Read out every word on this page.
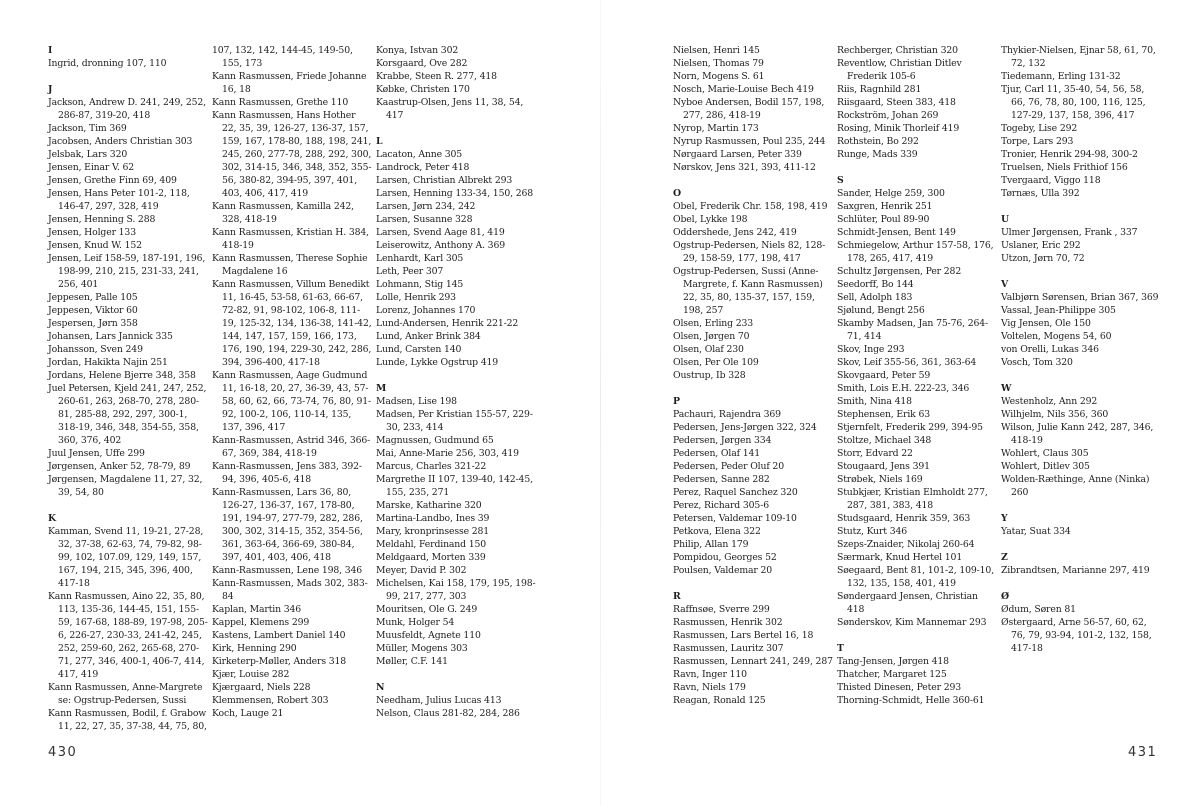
I
Ingrid, dronning 107, 110
J
Jackson, Andrew D. 241, 249, 252, 286-87, 319-20, 418
Jackson, Tim 369
Jacobsen, Anders Christian 303
Jelsbak, Lars 320
Jensen, Einar V. 62
Jensen, Grethe Finn 69, 409
Jensen, Hans Peter 101-2, 118, 146-47, 297, 328, 419
Jensen, Henning S. 288
Jensen, Holger 133
Jensen, Knud W. 152
Jensen, Leif 158-59, 187-191, 196, 198-99, 210, 215, 231-33, 241, 256, 401
Jeppesen, Palle 105
Jeppesen, Viktor 60
Jespersen, Jørn 358
Johansen, Lars Jannick 335
Johansson, Sven 249
Jordan, Hakikta Najin 251
Jordans, Helene Bjerre 348, 358
Juel Petersen, Kjeld 241, 247, 252, 260-61, 263, 268-70, 278, 280-81, 285-88, 292, 297, 300-1, 318-19, 346, 348, 354-55, 358, 360, 376, 402
Juul Jensen, Uffe 299
Jørgensen, Anker 52, 78-79, 89
Jørgensen, Magdalene 11, 27, 32, 39, 54, 80
K
Kamman, Svend 11, 19-21, 27-28, 32, 37-38, 62-63, 74, 79-82, 98-99, 102, 107.09, 129, 149, 157, 167, 194, 215, 345, 396, 400, 417-18
Kann Rasmussen, Aino 22, 35, 80, 113, 135-36, 144-45, 151, 155-59, 167-68, 188-89, 197-98, 205-6, 226-27, 230-33, 241-42, 245, 252, 259-60, 262, 265-68, 270-71, 277, 346, 400-1, 406-7, 414, 417, 419
Kann Rasmussen, Anne-Margrete se: Ogstrup-Pedersen, Sussi
Kann Rasmussen, Bodil, f. Grabow 11, 22, 27, 35, 37-38, 44, 75, 80,
107, 132, 142, 144-45, 149-50, 155, 173
Kann Rasmussen, Friede Johanne 16, 18
Kann Rasmussen, Grethe 110
Kann Rasmussen, Hans Hother 22, 35, 39, 126-27, 136-37, 157, 159, 167, 178-80, 188, 198, 241, 245, 260, 277-78, 288, 292, 300, 302, 314-15, 346, 348, 352, 355-56, 380-82, 394-95, 397, 401, 403, 406, 417, 419
Kann Rasmussen, Kamilla 242, 328, 418-19
Kann Rasmussen, Kristian H. 384, 418-19
Kann Rasmussen, Therese Sophie Magdalene 16
Kann Rasmussen, Villum Benedikt 11, 16-45, 53-58, 61-63, 66-67, 72-82, 91, 98-102, 106-8, 111-19, 125-32, 134, 136-38, 141-42, 144, 147, 157, 159, 166, 173, 176, 190, 194, 229-30, 242, 286, 394, 396-400, 417-18
Kann Rasmussen, Aage Gudmund 11, 16-18, 20, 27, 36-39, 43, 57-58, 60, 62, 66, 73-74, 76, 80, 91-92, 100-2, 106, 110-14, 135, 137, 396, 417
Kann-Rasmussen, Astrid 346, 366-67, 369, 384, 418-19
Kann-Rasmussen, Jens 383, 392-94, 396, 405-6, 418
Kann-Rasmussen, Lars 36, 80, 126-27, 136-37, 167, 178-80, 191, 194-97, 277-79, 282, 286, 300, 302, 314-15, 352, 354-56, 361, 363-64, 366-69, 380-84, 397, 401, 403, 406, 418
Kann-Rasmussen, Lene 198, 346
Kann-Rasmussen, Mads 302, 383-84
Kaplan, Martin 346
Kappel, Klemens 299
Kastens, Lambert Daniel 140
Kirk, Henning 290
Kirketerp-Møller, Anders 318
Kjær, Louise 282
Kjærgaard, Niels 228
Klemmensen, Robert 303
Koch, Lauge 21
Konya, Istvan 302
Korsgaard, Ove 282
Krabbe, Steen R. 277, 418
Købke, Christen 170
Kaastrup-Olsen, Jens 11, 38, 54, 417
L
Lacaton, Anne 305
Landrock, Peter 418
Larsen, Christian Albrekt 293
Larsen, Henning 133-34, 150, 268
Larsen, Jørn 234, 242
Larsen, Susanne 328
Larsen, Svend Aage 81, 419
Leiserowitz, Anthony A. 369
Lenhardt, Karl 305
Leth, Peer 307
Lohmann, Stig 145
Lolle, Henrik 293
Lorenz, Johannes 170
Lund-Andersen, Henrik 221-22
Lund, Anker Brink 384
Lund, Carsten 140
Lunde, Lykke Ogstrup 419
M
Madsen, Lise 198
Madsen, Per Kristian 155-57, 229-30, 233, 414
Magnussen, Gudmund 65
Mai, Anne-Marie 256, 303, 419
Marcus, Charles 321-22
Margrethe II 107, 139-40, 142-45, 155, 235, 271
Marske, Katharine 320
Martina-Landbo, Ines 39
Mary, kronprinsesse 281
Meldahl, Ferdinand 150
Meldgaard, Morten 339
Meyer, David P. 302
Michelsen, Kai 158, 179, 195, 198-99, 217, 277, 303
Mouritsen, Ole G. 249
Munk, Holger 54
Muusfeldt, Agnete 110
Müller, Mogens 303
Møller, C.F. 141
N
Needham, Julius Lucas 413
Nelson, Claus 281-82, 284, 286
Nielsen, Henri 145
Nielsen, Thomas 79
Norn, Mogens S. 61
Nosch, Marie-Louise Bech 419
Nyboe Andersen, Bodil 157, 198, 277, 286, 418-19
Nyrop, Martin 173
Nyrup Rasmussen, Poul 235, 244
Nørgaard Larsen, Peter 339
Nørskov, Jens 321, 393, 411-12
O
Obel, Frederik Chr. 158, 198, 419
Obel, Lykke 198
Oddershede, Jens 242, 419
Ogstrup-Pedersen, Niels 82, 128-29, 158-59, 177, 198, 417
Ogstrup-Pedersen, Sussi (Anne-Margrete, f. Kann Rasmussen) 22, 35, 80, 135-37, 157, 159, 198, 257
Olsen, Erling 233
Olsen, Jørgen 70
Olsen, Olaf 230
Olsen, Per Ole 109
Oustrup, Ib 328
P
Pachauri, Rajendra 369
Pedersen, Jens-Jørgen 322, 324
Pedersen, Jørgen 334
Pedersen, Olaf 141
Pedersen, Peder Oluf 20
Pedersen, Sanne 282
Perez, Raquel Sanchez 320
Perez, Richard 305-6
Petersen, Valdemar 109-10
Petkova, Elena 322
Philip, Allan 179
Pompidou, Georges 52
Poulsen, Valdemar 20
R
Raffnsøe, Sverre 299
Rasmussen, Henrik 302
Rasmussen, Lars Bertel 16, 18
Rasmussen, Lauritz 307
Rasmussen, Lennart 241, 249, 287
Ravn, Inger 110
Ravn, Niels 179
Reagan, Ronald 125
Rechberger, Christian 320
Reventlow, Christian Ditlev Frederik 105-6
Riis, Ragnhild 281
Riisgaard, Steen 383, 418
Rockström, Johan 269
Rosing, Minik Thorleif 419
Rothstein, Bo 292
Runge, Mads 339
S
Sander, Helge 259, 300
Saxgren, Henrik 251
Schlüter, Poul 89-90
Schmidt-Jensen, Bent 149
Schmiegelow, Arthur 157-58, 176, 178, 265, 417, 419
Schultz Jørgensen, Per 282
Seedorff, Bo 144
Sell, Adolph 183
Sjølund, Bengt 256
Skamby Madsen, Jan 75-76, 264-71, 414
Skov, Inge 293
Skov, Leif 355-56, 361, 363-64
Skovgaard, Peter 59
Smith, Lois E.H. 222-23, 346
Smith, Nina 418
Stephensen, Erik 63
Stjernfelt, Frederik 299, 394-95
Stoltze, Michael 348
Storr, Edvard 22
Stougaard, Jens 391
Strøbek, Niels 169
Stubkjær, Kristian Elmholdt 277, 287, 381, 383, 418
Studsgaard, Henrik 359, 363
Stutz, Kurt 346
Szeps-Znaider, Nikolaj 260-64
Særmark, Knud Hertel 101
Søegaard, Bent 81, 101-2, 109-10, 132, 135, 158, 401, 419
Søndergaard Jensen, Christian 418
Sønderskov, Kim Mannemar 293
T
Tang-Jensen, Jørgen 418
Thatcher, Margaret 125
Thisted Dinesen, Peter 293
Thorning-Schmidt, Helle 360-61
Thykier-Nielsen, Ejnar 58, 61, 70, 72, 132
Tiedemann, Erling 131-32
Tjur, Carl 11, 35-40, 54, 56, 58, 66, 76, 78, 80, 100, 116, 125, 127-29, 137, 158, 396, 417
Togeby, Lise 292
Torpe, Lars 293
Tronier, Henrik 294-98, 300-2
Truelsen, Niels Frithiof 156
Tvergaard, Viggo 118
Tørnæs, Ulla 392
U
Ulmer Jørgensen, Frank , 337
Uslaner, Eric 292
Utzon, Jørn 70, 72
V
Valbjørn Sørensen, Brian 367, 369
Vassal, Jean-Philippe 305
Vig Jensen, Ole 150
Voltelen, Mogens 54, 60
von Orelli, Lukas 346
Vosch, Tom 320
W
Westenholz, Ann 292
Wilhjelm, Nils 356, 360
Wilson, Julie Kann 242, 287, 346, 418-19
Wohlert, Claus 305
Wohlert, Ditlev 305
Wolden-Ræthinge, Anne (Ninka) 260
Y
Yatar, Suat 334
Z
Zibrandtsen, Marianne 297, 419
Ø
Ødum, Søren 81
Østergaard, Arne 56-57, 60, 62, 76, 79, 93-94, 101-2, 132, 158, 417-18
430	431
